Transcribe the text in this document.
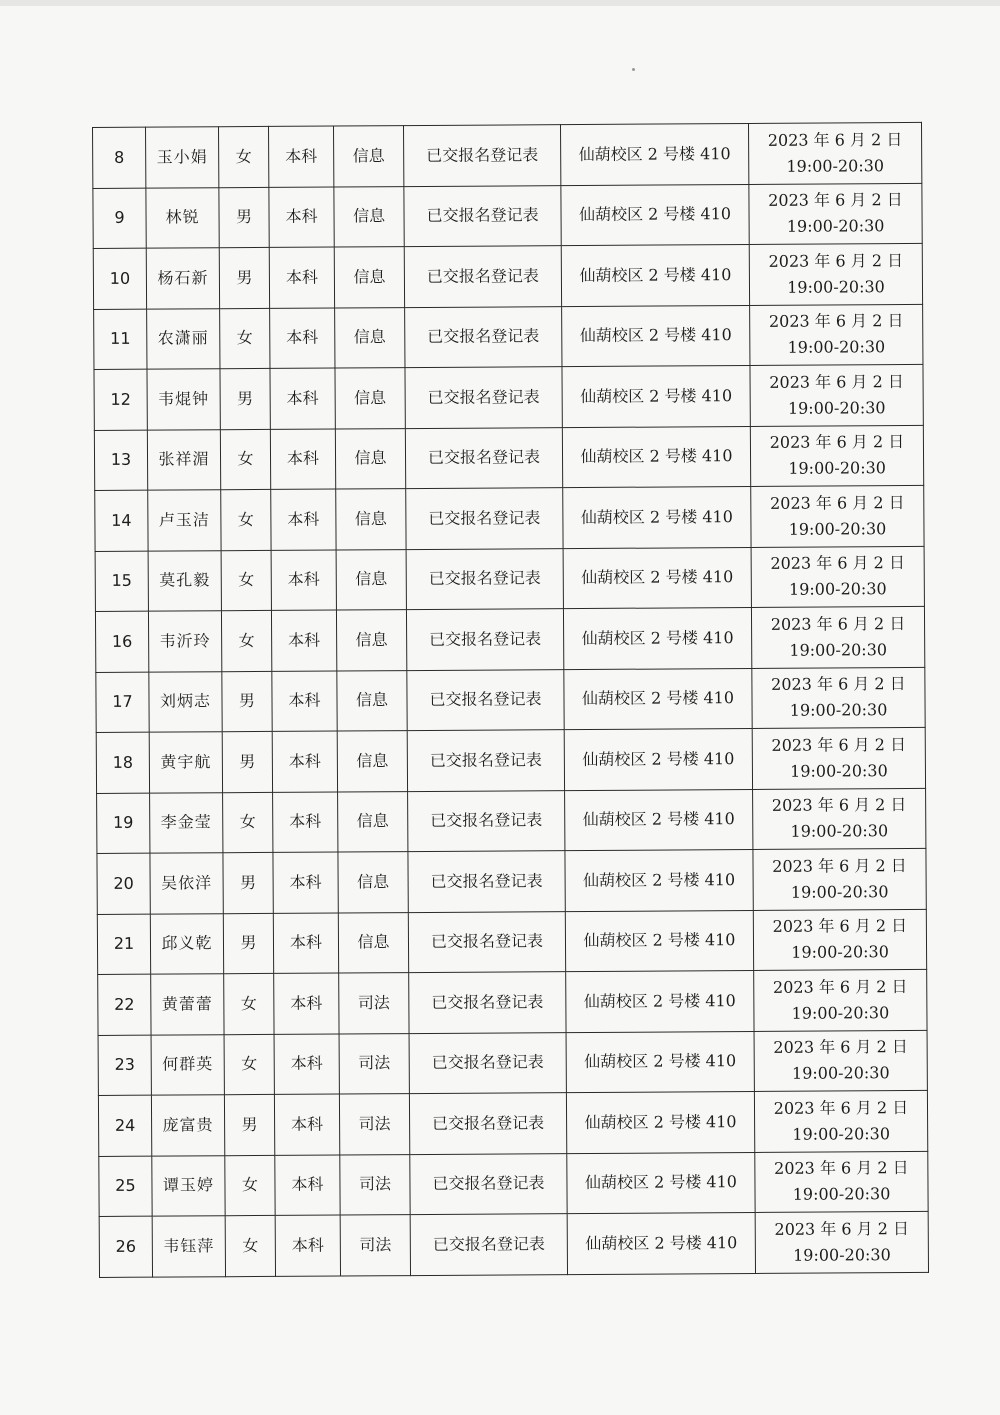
8	玉小娟	女	本科	信息	已交报名登记表	仙葫校区 2 号楼 410	2023 年 6 月 2 日
19:00-20:30

9	林锐	男	本科	信息	已交报名登记表	仙葫校区 2 号楼 410	2023 年 6 月 2 日
19:00-20:30

10	杨石新	男	本科	信息	已交报名登记表	仙葫校区 2 号楼 410	2023 年 6 月 2 日
19:00-20:30

11	农潇丽	女	本科	信息	已交报名登记表	仙葫校区 2 号楼 410	2023 年 6 月 2 日
19:00-20:30

12	韦焜钟	男	本科	信息	已交报名登记表	仙葫校区 2 号楼 410	2023 年 6 月 2 日
19:00-20:30

13	张祥湄	女	本科	信息	已交报名登记表	仙葫校区 2 号楼 410	2023 年 6 月 2 日
19:00-20:30

14	卢玉洁	女	本科	信息	已交报名登记表	仙葫校区 2 号楼 410	2023 年 6 月 2 日
19:00-20:30

15	莫孔毅	女	本科	信息	已交报名登记表	仙葫校区 2 号楼 410	2023 年 6 月 2 日
19:00-20:30

16	韦沂玲	女	本科	信息	已交报名登记表	仙葫校区 2 号楼 410	2023 年 6 月 2 日
19:00-20:30

17	刘炳志	男	本科	信息	已交报名登记表	仙葫校区 2 号楼 410	2023 年 6 月 2 日
19:00-20:30

18	黄宇航	男	本科	信息	已交报名登记表	仙葫校区 2 号楼 410	2023 年 6 月 2 日
19:00-20:30

19	李金莹	女	本科	信息	已交报名登记表	仙葫校区 2 号楼 410	2023 年 6 月 2 日
19:00-20:30

20	吴依洋	男	本科	信息	已交报名登记表	仙葫校区 2 号楼 410	2023 年 6 月 2 日
19:00-20:30

21	邱义乾	男	本科	信息	已交报名登记表	仙葫校区 2 号楼 410	2023 年 6 月 2 日
19:00-20:30

22	黄蕾蕾	女	本科	司法	已交报名登记表	仙葫校区 2 号楼 410	2023 年 6 月 2 日
19:00-20:30

23	何群英	女	本科	司法	已交报名登记表	仙葫校区 2 号楼 410	2023 年 6 月 2 日
19:00-20:30

24	庞富贵	男	本科	司法	已交报名登记表	仙葫校区 2 号楼 410	2023 年 6 月 2 日
19:00-20:30

25	谭玉婷	女	本科	司法	已交报名登记表	仙葫校区 2 号楼 410	2023 年 6 月 2 日
19:00-20:30

26	韦钰萍	女	本科	司法	已交报名登记表	仙葫校区 2 号楼 410	2023 年 6 月 2 日
19:00-20:30
